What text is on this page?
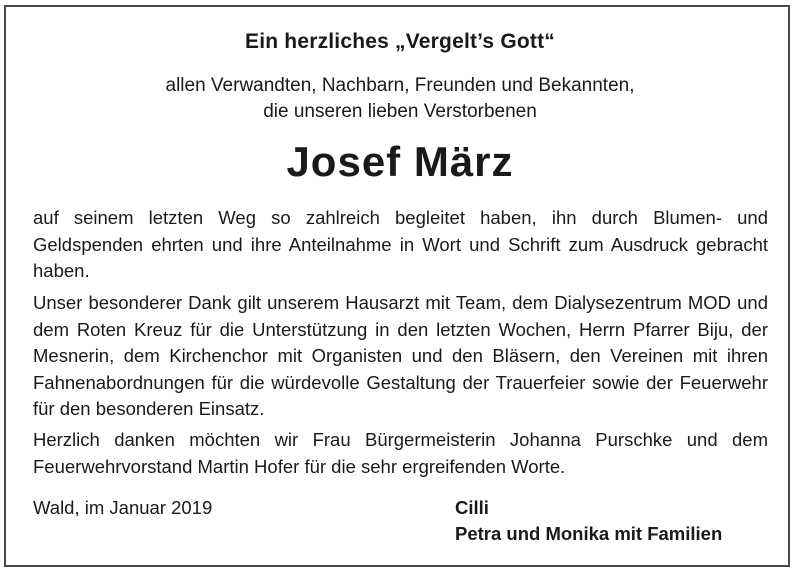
Ein herzliches „Vergelt’s Gott“
allen Verwandten, Nachbarn, Freunden und Bekannten,
die unseren lieben Verstorbenen
Josef März
auf seinem letzten Weg so zahlreich begleitet haben, ihn durch Blumen- und Geldspenden ehrten und ihre Anteilnahme in Wort und Schrift zum Ausdruck gebracht haben.
Unser besonderer Dank gilt unserem Hausarzt mit Team, dem Dialysezentrum MOD und dem Roten Kreuz für die Unterstützung in den letzten Wochen, Herrn Pfarrer Biju, der Mesnerin, dem Kirchenchor mit Organisten und den Bläsern, den Vereinen mit ihren Fahnenabordnungen für die würdevolle Gestaltung der Trauerfeier sowie der Feuerwehr für den besonderen Einsatz.
Herzlich danken möchten wir Frau Bürgermeisterin Johanna Purschke und dem Feuerwehrvorstand Martin Hofer für die sehr ergreifenden Worte.
Wald, im Januar 2019	Cilli
Petra und Monika mit Familien
